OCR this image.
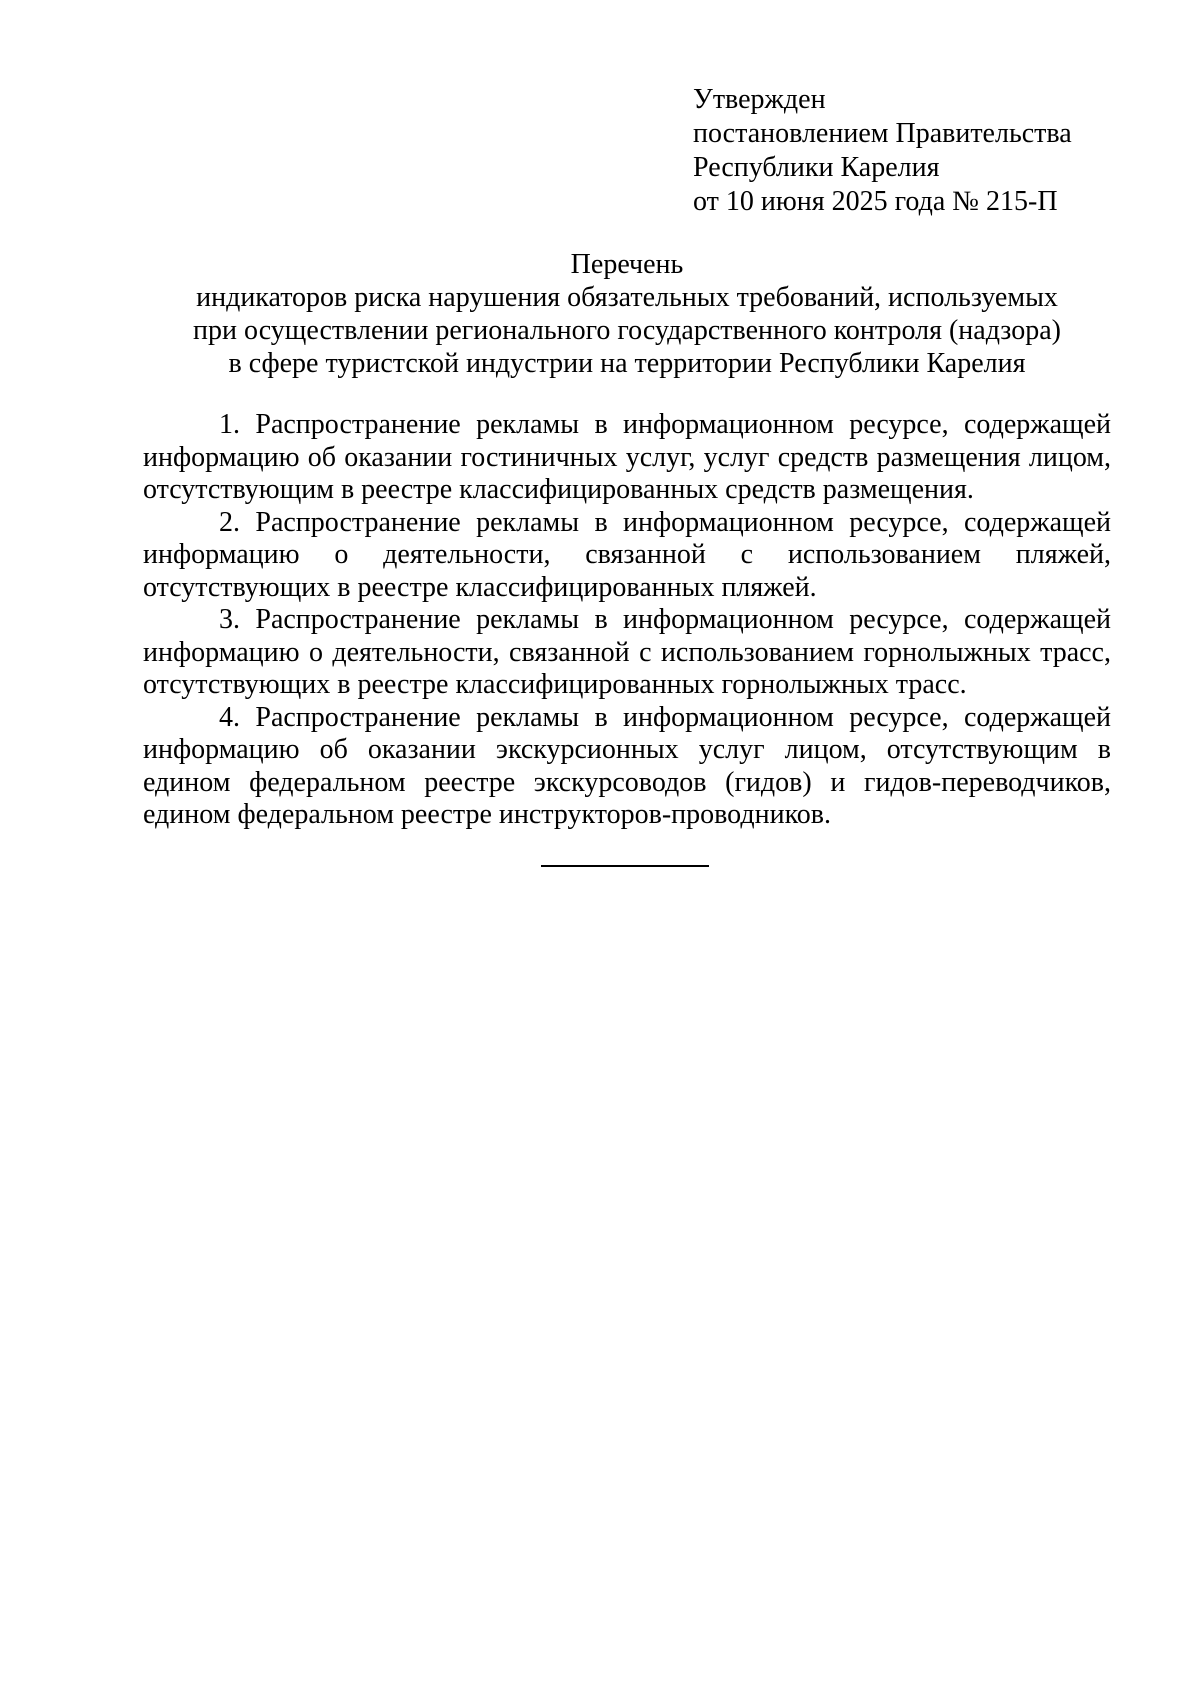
Утвержден
постановлением Правительства
Республики Карелия
от 10 июня 2025 года № 215-П
Перечень
индикаторов риска нарушения обязательных требований, используемых
при осуществлении регионального государственного контроля (надзора)
в сфере туристской индустрии на территории Республики Карелия

1. Распространение рекламы в информационном ресурсе, содержащей информацию об оказании гостиничных услуг, услуг средств размещения лицом, отсутствующим в реестре классифицированных средств размещения.

2. Распространение рекламы в информационном ресурсе, содержащей информацию о деятельности, связанной с использованием пляжей, отсутствующих в реестре классифицированных пляжей.

3. Распространение рекламы в информационном ресурсе, содержащей информацию о деятельности, связанной с использованием горнолыжных трасс, отсутствующих в реестре классифицированных горнолыжных трасс.

4. Распространение рекламы в информационном ресурсе, содержащей информацию об оказании экскурсионных услуг лицом, отсутствующим в едином федеральном реестре экскурсоводов (гидов) и гидов-переводчиков, едином федеральном реестре инструкторов-проводников.
